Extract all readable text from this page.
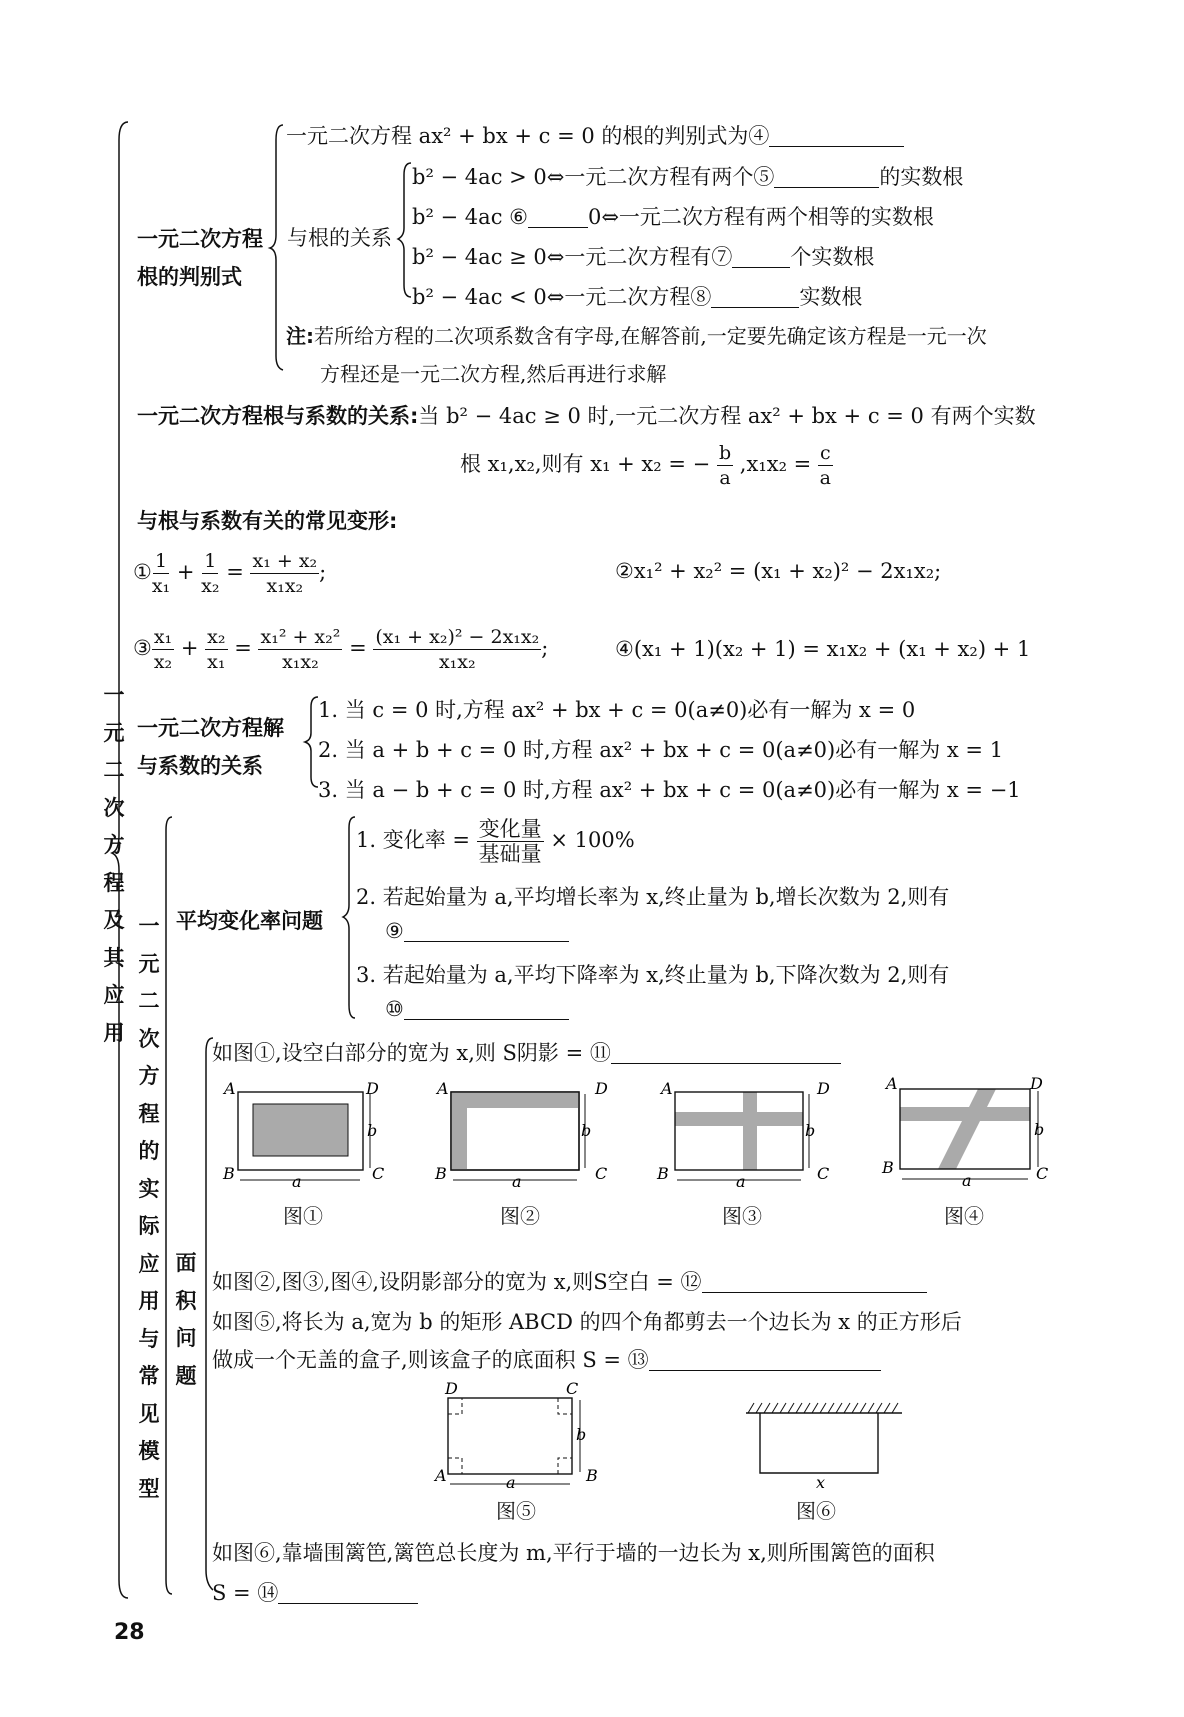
一
元
二
次
方
程
及
其
应
用
一
元
二
次
方
程
的
实
际
应
用
与
常
见
模
型
面
积
问
题
一元二次方程
根的判别式
一元二次方程 ax² + bx + c = 0 的根的判别式为④
与根的关系
b² − 4ac > 0⇔一元二次方程有两个⑤	的实数根
b² − 4ac ⑥	0⇔一元二次方程有两个相等的实数根
b² − 4ac ≥ 0⇔一元二次方程有⑦	个实数根
b² − 4ac < 0⇔一元二次方程⑧	实数根
注:若所给方程的二次项系数含有字母,在解答前,一定要先确定该方程是一元一次
方程还是一元二次方程,然后再进行求解
一元二次方程根与系数的关系:当 b² − 4ac ≥ 0 时,一元二次方程 ax² + bx + c = 0 有两个实数
根 x₁,x₂,则有 x₁ + x₂ = − $\frac{b}{a} ,x_1x_2 = \frac{c}{a}$
与根与系数有关的常见变形:
① $\frac{1}{\text{x₁}} + \frac{1}{\text{x₂}} = \frac{\text{x₁ + x₂}}{\text{x₁x₂}}$ ;	②x₁² + x₂² = (x₁ + x₂)² − 2x₁x₂;
③ $\frac{\text{x₁}}{\text{x₂}} + \frac{\text{x₂}}{\text{x₁}} = \frac{\text{x₁² + x₂²}}{\text{x₁x₂}} = \frac{\text{(x₁ + x₂)² − 2x₁x₂}}{\text{x₁x₂}}$ ;	④(x₁ + 1)(x₂ + 1) = x₁x₂ + (x₁ + x₂) + 1
一元二次方程解
与系数的关系
1. 当 c = 0 时,方程 ax² + bx + c = 0(a≠0)必有一解为 x = 0
2. 当 a + b + c = 0 时,方程 ax² + bx + c = 0(a≠0)必有一解为 x = 1
3. 当 a − b + c = 0 时,方程 ax² + bx + c = 0(a≠0)必有一解为 x = −1
平均变化率问题
1. 变化率 = $\frac{\text{变化量}}{\text{基础量}} \times 100\%$
2. 若起始量为 a,平均增长率为 x,终止量为 b,增长次数为 2,则有
⑨
3. 若起始量为 a,平均下降率为 x,终止量为 b,下降次数为 2,则有
⑩
如图①,设空白部分的宽为 x,则 S阴影 = ⑪
A	D
B	C
a
b
图①
A	D
B	C
a
b
图②
A	D
B	C
a
b
图③
A	D
B	C
a
b
图④
如图②,图③,图④,设阴影部分的宽为 x,则S空白 = ⑫
如图⑤,将长为 a,宽为 b 的矩形 ABCD 的四个角都剪去一个边长为 x 的正方形后
做成一个无盖的盒子,则该盒子的底面积 S = ⑬
D	C
A	B
a
b
图⑤
x
图⑥
如图⑥,靠墙围篱笆,篱笆总长度为 m,平行于墙的一边长为 x,则所围篱笆的面积
S = ⑭
28
